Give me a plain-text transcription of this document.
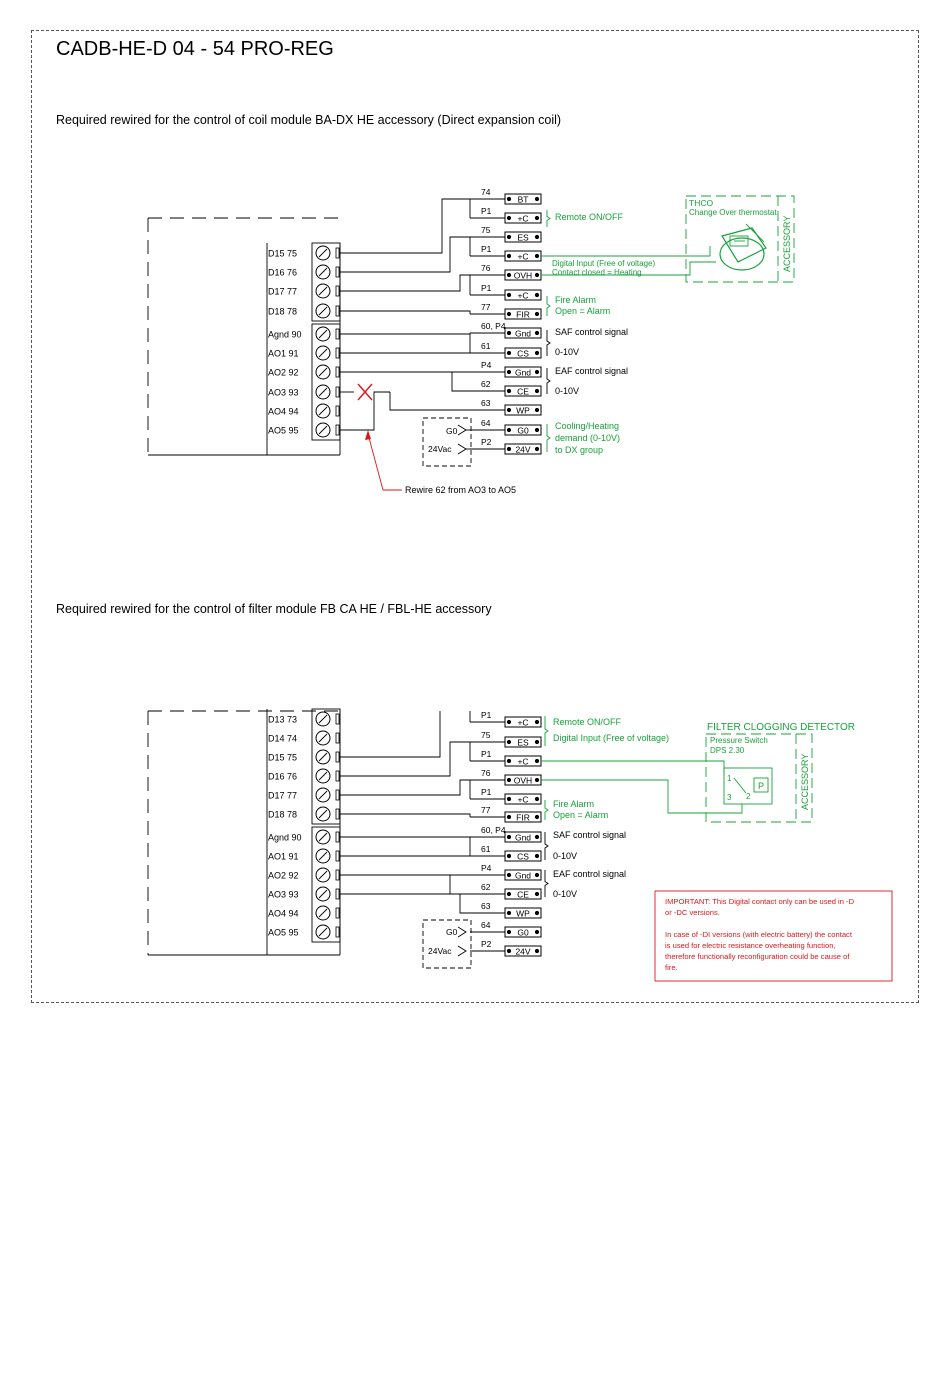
CADB-HE-D 04 - 54 PRO-REG
Required rewired for the control of coil module BA-DX HE accessory (Direct expansion coil)
Required rewired for the control of filter module FB CA HE / FBL-HE accessory
D15 75
D16 76
D17 77
D18 78
Agnd 90
AO1 91
AO2 92
AO3 93
AO4 94
AO5 95
BT
74
+C
P1
ES
75
+C
P1
OVH
76
+C
P1
FIR
77
Gnd
60, P4
CS
61
Gnd
P4
CE
62
WP
63
G0
64
24V
P2
Rewire 62 from AO3 to AO5
G0
24Vac
SAF control signal
0-10V
EAF control signal
0-10V
Remote ON/OFF
Digital Input (Free of voltage)
Contact closed = Heating
Fire Alarm
Open = Alarm
Cooling/Heating
demand (0-10V)
to DX group
THCO
Change Over thermostat
ACCESSORY
D13 73
D14 74
D15 75
D16 76
D17 77
D18 78
Agnd 90
AO1 91
AO2 92
AO3 93
AO4 94
AO5 95
+C
P1
ES
75
+C
P1
OVH
76
+C
P1
FIR
77
Gnd
60, P4
CS
61
Gnd
P4
CE
62
WP
63
G0
64
24V
P2
G0
24Vac
SAF control signal
0-10V
EAF control signal
0-10V
Remote ON/OFF
Digital Input (Free of voltage)
Fire Alarm
Open = Alarm
FILTER CLOGGING DETECTOR
Pressure Switch
DPS 2.30
ACCESSORY
P
1
2
3
IMPORTANT: This Digital contact only can be used in -D
or -DC versions.
In case of -DI versions (with electric battery) the contact
is used for electric resistance overheating function,
therefore functionally reconfiguration could be cause of
fire.
